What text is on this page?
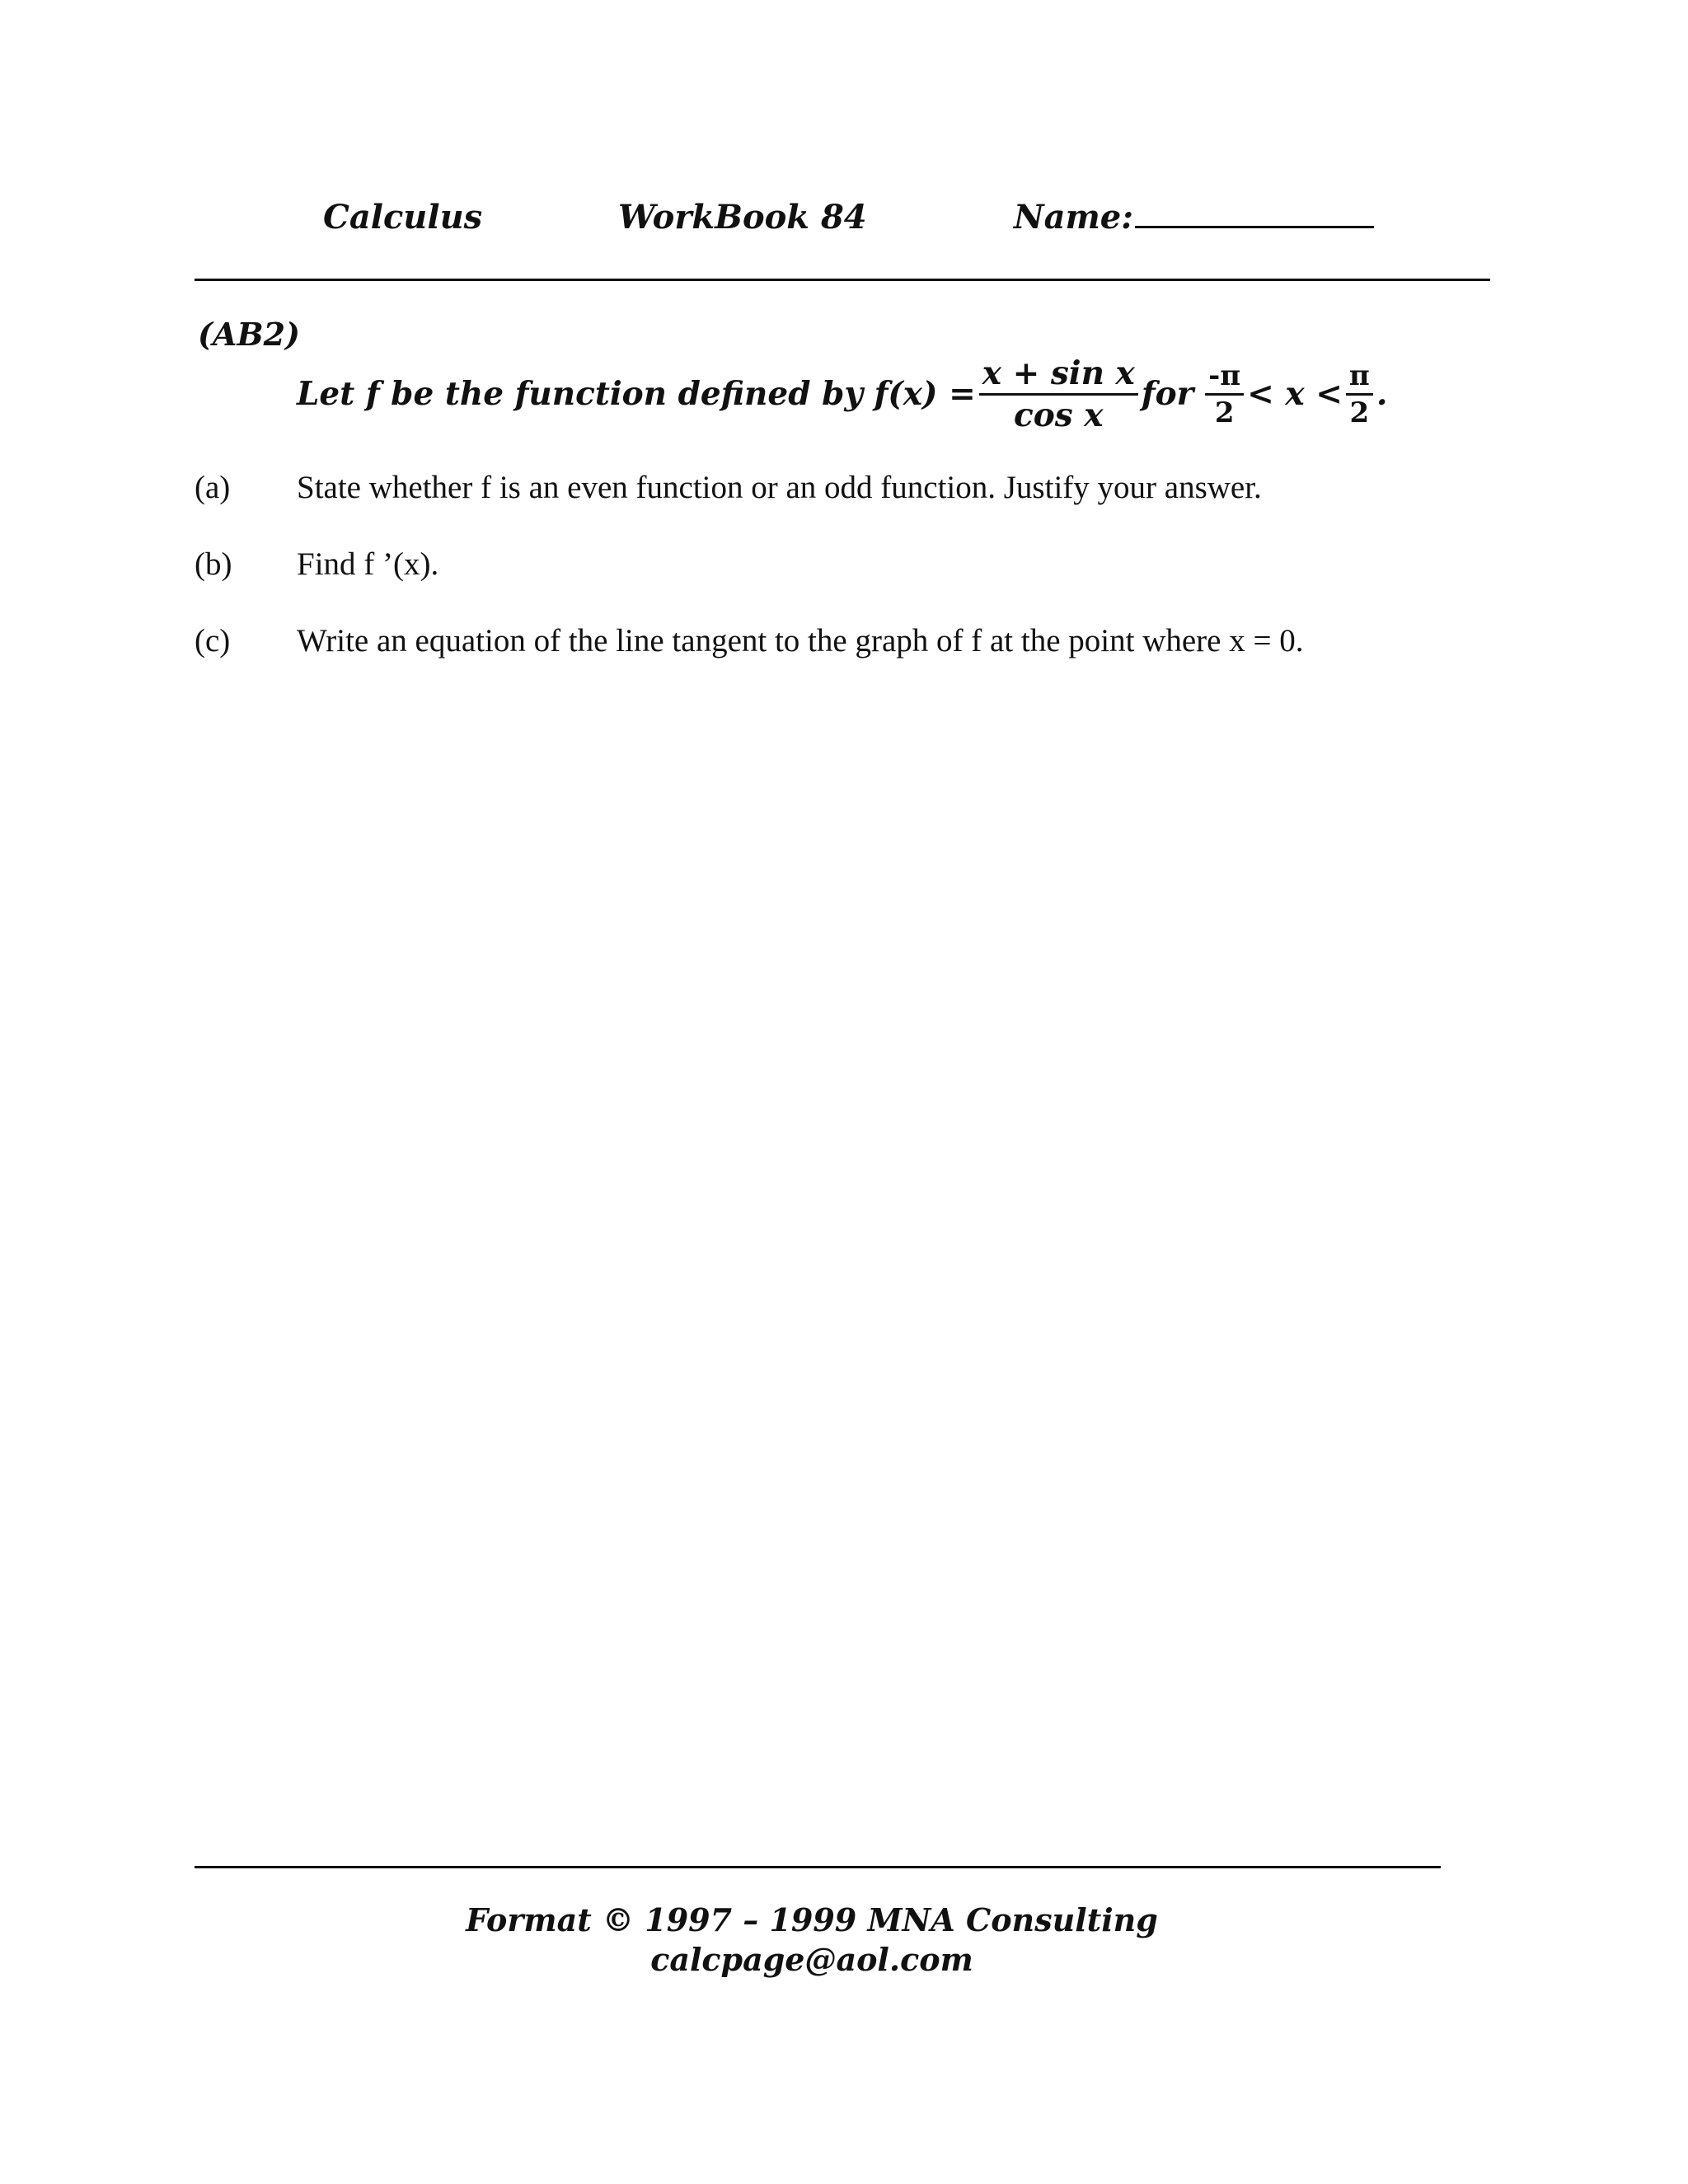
Calculus	WorkBook 84	Name:
(AB2)
Let f be the function defined by $f(x) = \frac{\text{x + sin x}}{\text{cos x}}$ for $\frac{-\pi}{2} < x < \frac{\pi}{2}$ .
(a) State whether f is an even function or an odd function. Justify your answer.
(b) Find f ’(x).
(c) Write an equation of the line tangent to the graph of f at the point where x = 0.
Format © 1997 – 1999 MNA Consulting
calcpage@aol.com
